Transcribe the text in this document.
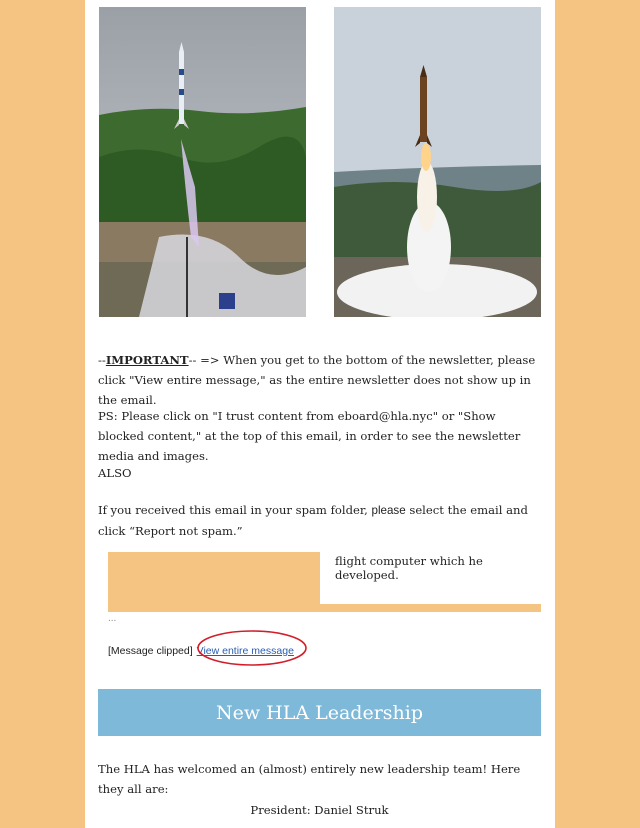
--IMPORTANT-- => When you get to the bottom of the newsletter, please click "View entire message," as the entire newsletter does not show up in the email.
PS: Please click on "I trust content from eboard@hla.nyc" or "Show blocked content," at the top of this email, in order to see the newsletter media and images.
ALSO
If you received this email in your spam folder, please select the email and click “Report not spam.”
flight computer which he developed.
...
[Message clipped] View entire message
New HLA Leadership
The HLA has welcomed an (almost) entirely new leadership team! Here they all are:
President: Daniel Struk
